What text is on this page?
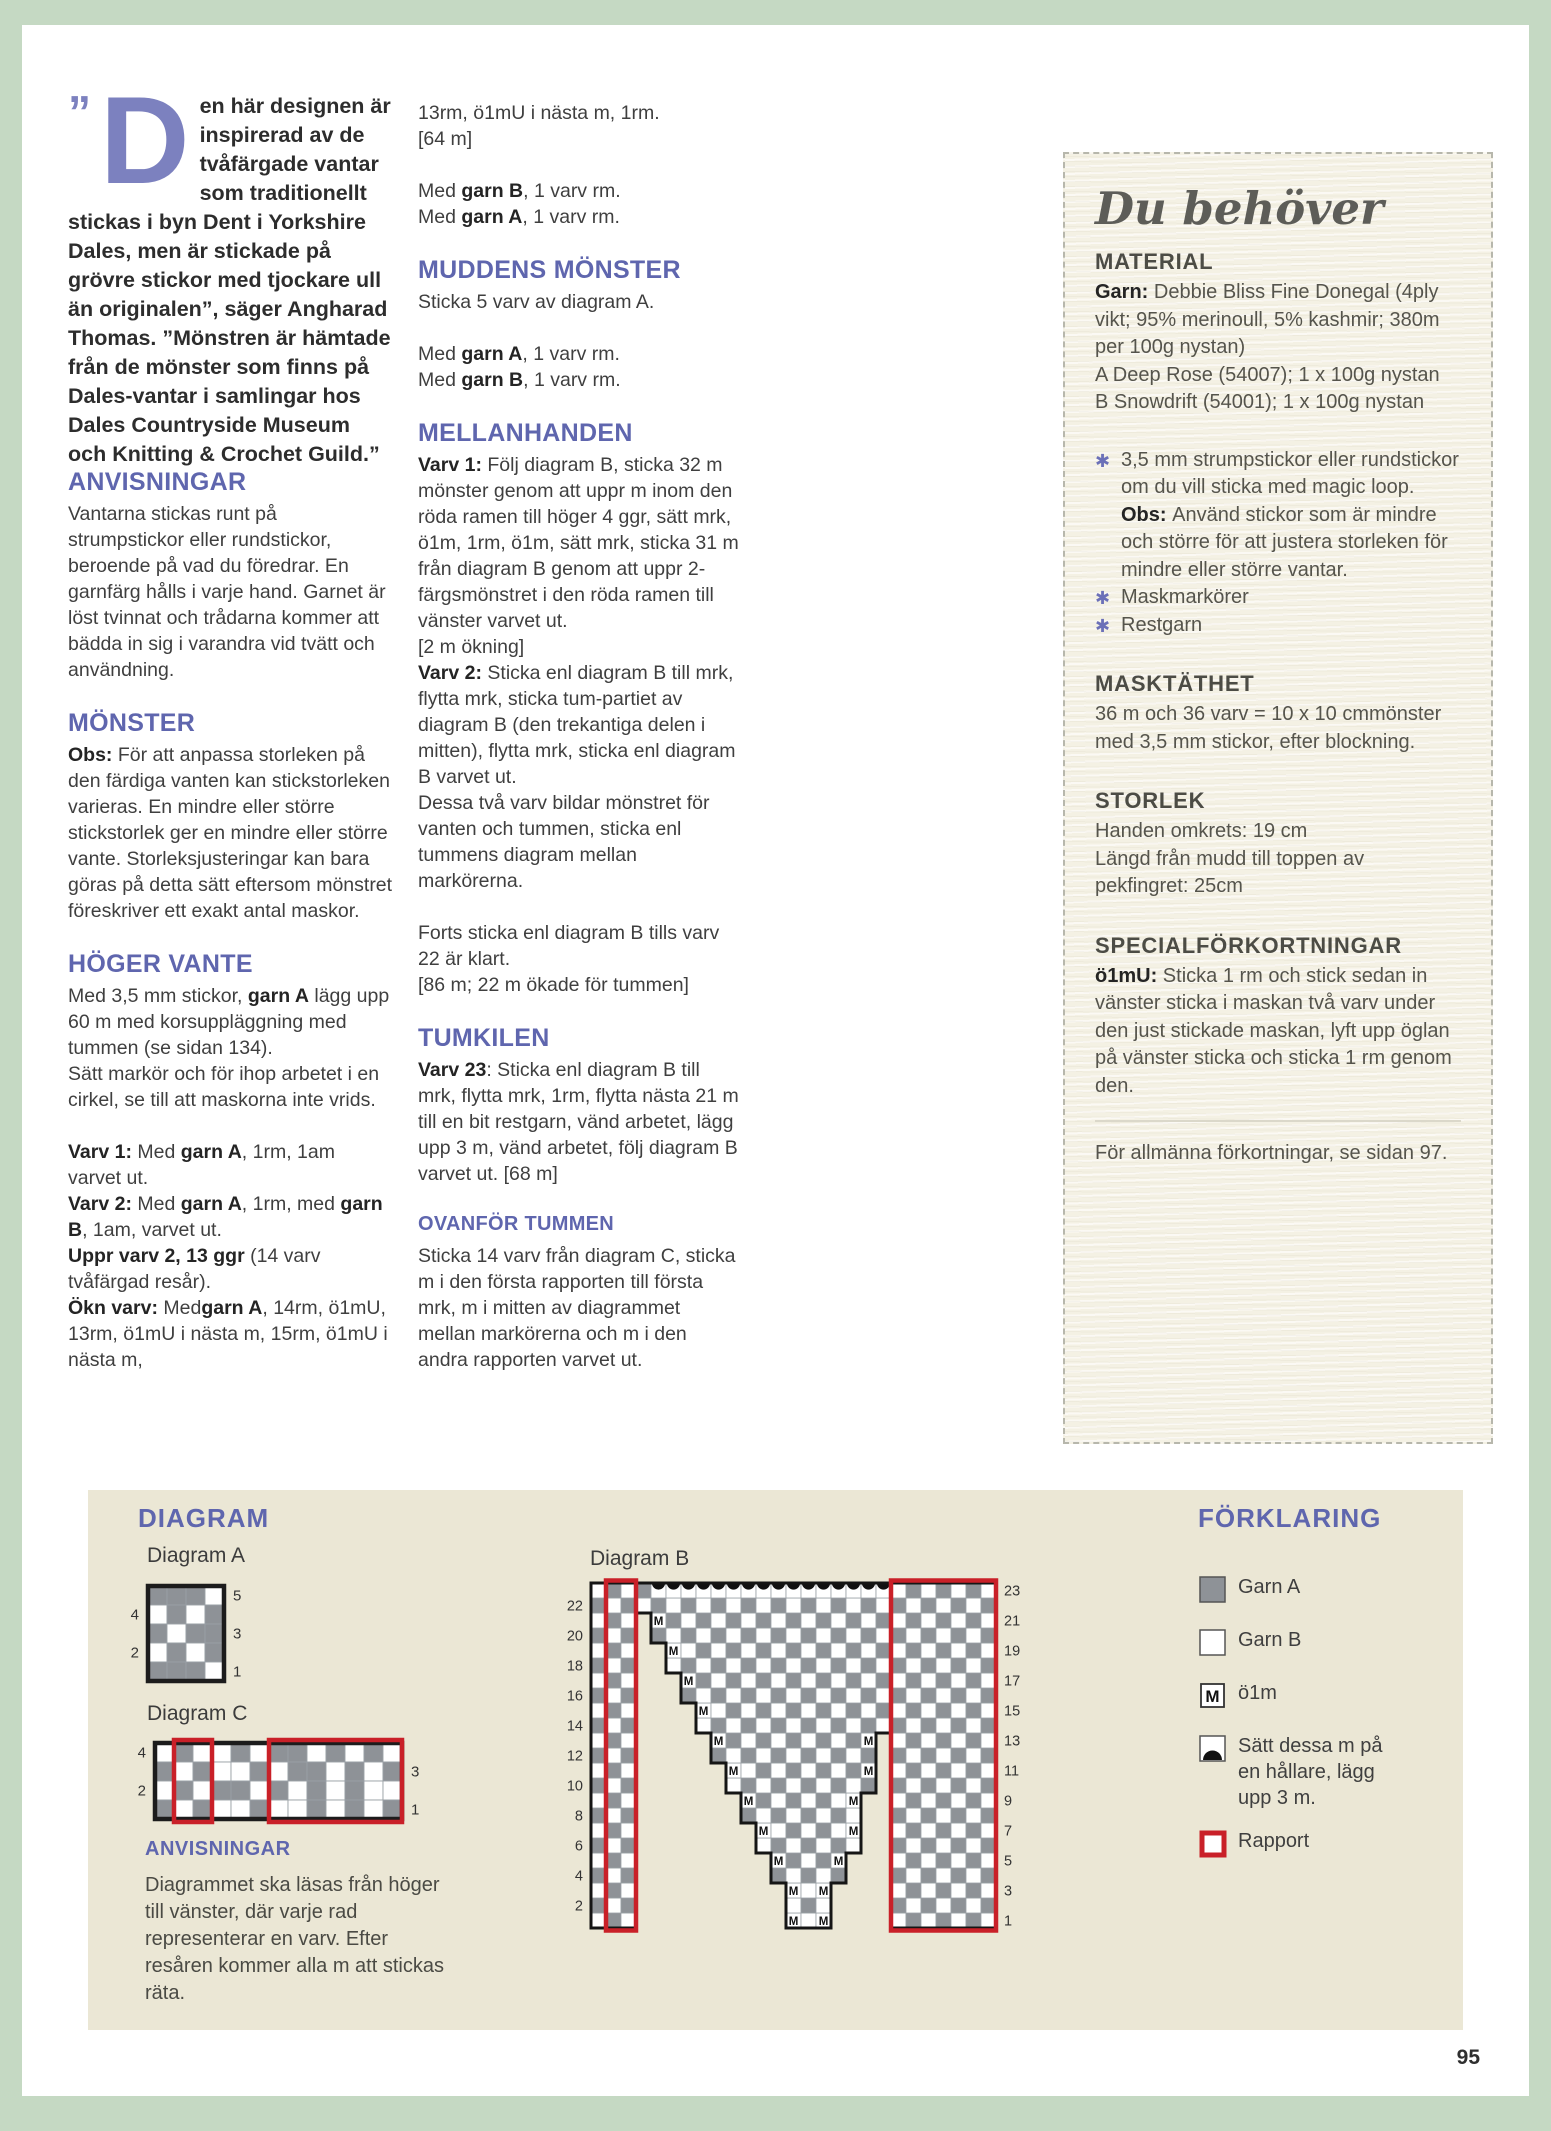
” D en här designen är inspirerad av de tvåfärgade vantar som traditionellt stickas i byn Dent i Yorkshire Dales, men är stickade på grövre stickor med tjockare ull än originalen”, säger Angharad Thomas. ”Mönstren är hämtade från de mönster som finns på Dales-vantar i samlingar hos Dales Countryside Museum och Knitting & Crochet Guild.”
ANVISNINGAR

Vantarna stickas runt på strumpstickor eller rundstickor, beroende på vad du föredrar. En garnfärg hålls i varje hand. Garnet är löst tvinnat och trådarna kommer att bädda in sig i varandra vid tvätt och användning.

MÖNSTER

Obs: För att anpassa storleken på den färdiga vanten kan stickstorleken varieras. En mindre eller större stickstorlek ger en mindre eller större vante. Storleksjusteringar kan bara göras på detta sätt eftersom mönstret föreskriver ett exakt antal maskor.

HÖGER VANTE

Med 3,5 mm stickor, garn A lägg upp 60 m med korsuppläggning med tummen (se sidan 134).

Sätt markör och för ihop arbetet i en cirkel, se till att maskorna inte vrids.

Varv 1: Med garn A, 1rm, 1am varvet ut.

Varv 2: Med garn A, 1rm, med garn B, 1am, varvet ut.

Uppr varv 2, 13 ggr (14 varv tvåfärgad resår).

Ökn varv: Medgarn A, 14rm, ö1mU, 13rm, ö1mU i nästa m, 15rm, ö1mU i nästa m,

13rm, ö1mU i nästa m, 1rm.

[64 m]

Med garn B, 1 varv rm.

Med garn A, 1 varv rm.

MUDDENS MÖNSTER

Sticka 5 varv av diagram A.

Med garn A, 1 varv rm.

Med garn B, 1 varv rm.

MELLANHANDEN

Varv 1: Följ diagram B, sticka 32 m mönster genom att uppr m inom den röda ramen till höger 4 ggr, sätt mrk, ö1m, 1rm, ö1m, sätt mrk, sticka 31 m från diagram B genom att uppr 2-färgsmönstret i den röda ramen till vänster varvet ut.

[2 m ökning]

Varv 2: Sticka enl diagram B till mrk, flytta mrk, sticka tum-partiet av diagram B (den trekantiga delen i mitten), flytta mrk, sticka enl diagram B varvet ut.

Dessa två varv bildar mönstret för vanten och tummen, sticka enl tummens diagram mellan markörerna.

Forts sticka enl diagram B tills varv 22 är klart.

[86 m; 22 m ökade för tummen]

TUMKILEN

Varv 23: Sticka enl diagram B till mrk, flytta mrk, 1rm, flytta nästa 21 m till en bit restgarn, vänd arbetet, lägg upp 3 m, vänd arbetet, följ diagram B varvet ut. [68 m]

OVANFÖR TUMMEN

Sticka 14 varv från diagram C, sticka m i den första rapporten till första mrk, m i mitten av diagrammet mellan markörerna och m i den andra rapporten varvet ut.

Du behöver
MATERIAL

Garn: Debbie Bliss Fine Donegal (4ply vikt; 95% merinoull, 5% kashmir; 380m per 100g nystan)

A Deep Rose (54007); 1 x 100g nystan

B Snowdrift (54001); 1 x 100g nystan

✱ 3,5 mm strumpstickor eller rundstickor om du vill sticka med magic loop.

Obs: Använd stickor som är mindre och större för att justera storleken för mindre eller större vantar.

✱ Maskmarkörer

✱ Restgarn

MASKTÄTHET

36 m och 36 varv = 10 x 10 cmmönster med 3,5 mm stickor, efter blockning.

STORLEK

Handen omkrets: 19 cm

Längd från mudd till toppen av pekfingret: 25cm

SPECIALFÖRKORTNINGAR

ö1mU: Sticka 1 rm och stick sedan in vänster sticka i maskan två varv under den just stickade maskan, lyft upp öglan på vänster sticka och sticka 1 rm genom den.

För allmänna förkortningar, se sidan 97.

DIAGRAM	FÖRKLARING
Diagram A
4
2
5
3
1
Diagram C
4
2
3
1
ANVISNINGAR
Diagrammet ska läsas från höger till vänster, där varje rad representerar en varv. Efter resåren kommer alla m att stickas räta.
Diagram B
M M
M M
M	M
M	M
M	M
M	M
M	M
M
M
M
M
22
20
18
16
14
12
10
8
6
4
2
23
21
19
17
15
13
11
9
7
5
3
1
Garn A
Garn B
M ö1m
Sätt dessa m på en hållare, lägg upp 3 m.
Rapport
95
